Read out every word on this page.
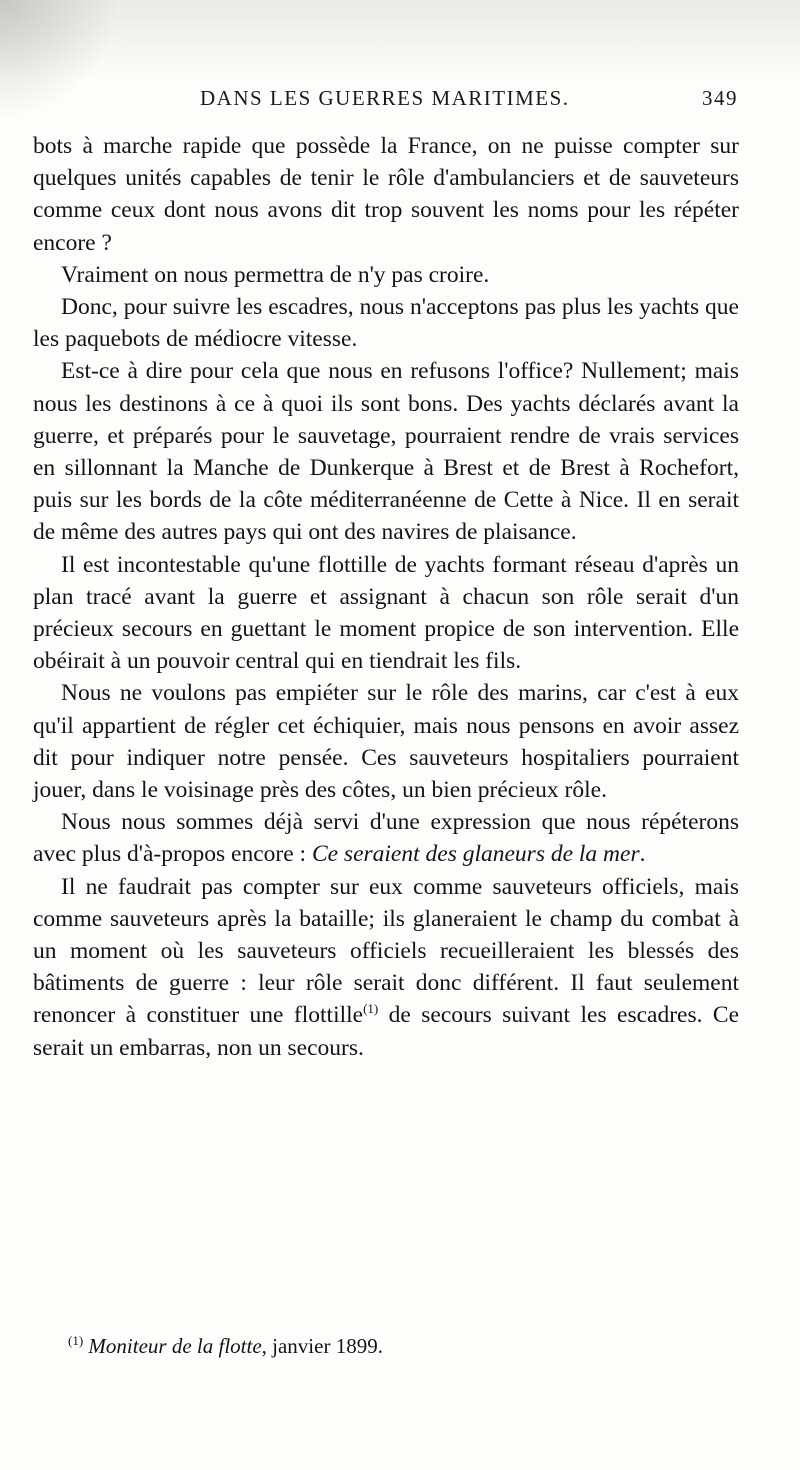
DANS LES GUERRES MARITIMES.	349

bots à marche rapide que possède la France, on ne puisse compter sur quelques unités capables de tenir le rôle d'ambulanciers et de sauveteurs comme ceux dont nous avons dit trop souvent les noms pour les répéter encore ?

Vraiment on nous permettra de n'y pas croire.

Donc, pour suivre les escadres, nous n'acceptons pas plus les yachts que les paquebots de médiocre vitesse.

Est-ce à dire pour cela que nous en refusons l'office? Nullement; mais nous les destinons à ce à quoi ils sont bons. Des yachts déclarés avant la guerre, et préparés pour le sauvetage, pourraient rendre de vrais services en sillonnant la Manche de Dunkerque à Brest et de Brest à Rochefort, puis sur les bords de la côte méditerranéenne de Cette à Nice. Il en serait de même des autres pays qui ont des navires de plaisance.

Il est incontestable qu'une flottille de yachts formant réseau d'après un plan tracé avant la guerre et assignant à chacun son rôle serait d'un précieux secours en guettant le moment propice de son intervention. Elle obéirait à un pouvoir central qui en tiendrait les fils.

Nous ne voulons pas empiéter sur le rôle des marins, car c'est à eux qu'il appartient de régler cet échiquier, mais nous pensons en avoir assez dit pour indiquer notre pensée. Ces sauveteurs hospitaliers pourraient jouer, dans le voisinage près des côtes, un bien précieux rôle.

Nous nous sommes déjà servi d'une expression que nous répéterons avec plus d'à-propos encore : Ce seraient des glaneurs de la mer.

Il ne faudrait pas compter sur eux comme sauveteurs officiels, mais comme sauveteurs après la bataille; ils glaneraient le champ du combat à un moment où les sauveteurs officiels recueilleraient les blessés des bâtiments de guerre : leur rôle serait donc différent. Il faut seulement renoncer à constituer une flottille$^{(1)}$ de secours suivant les escadres. Ce serait un embarras, non un secours.

$^{(1)}$ Moniteur de la flotte, janvier 1899.
